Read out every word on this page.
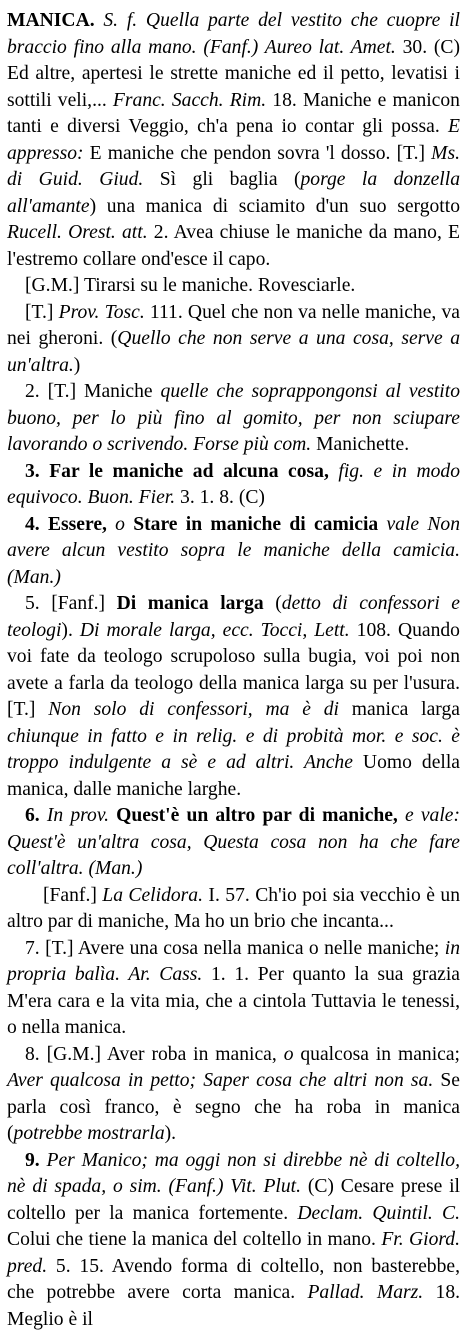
MANICA. S. f. Quella parte del vestito che cuopre il braccio fino alla mano. (Fanf.) Aureo lat. Amet. 30. (C) Ed altre, apertesi le strette maniche ed il petto, levatisi i sottili veli,... Franc. Sacch. Rim. 18. Maniche e manicon tanti e diversi Veggio, ch'a pena io contar gli possa. E appresso: E maniche che pendon sovra 'l dosso. [T.] Ms. di Guid. Giud. Sì gli baglia (porge la donzella all'amante) una manica di sciamito d'un suo sergotto Rucell. Orest. att. 2. Avea chiuse le maniche da mano, E l'estremo collare ond'esce il capo.

[G.M.] Tirarsi su le maniche. Rovesciarle.

[T.] Prov. Tosc. 111. Quel che non va nelle maniche, va nei gheroni. (Quello che non serve a una cosa, serve a un'altra.)

2. [T.] Maniche quelle che soprappongonsi al vestito buono, per lo più fino al gomito, per non sciupare lavorando o scrivendo. Forse più com. Manichette.

3. Far le maniche ad alcuna cosa, fig. e in modo equivoco. Buon. Fier. 3. 1. 8. (C)

4. Essere, o Stare in maniche di camicia vale Non avere alcun vestito sopra le maniche della camicia. (Man.)

5. [Fanf.] Di manica larga (detto di confessori e teologi). Di morale larga, ecc. Tocci, Lett. 108. Quando voi fate da teologo scrupoloso sulla bugia, voi poi non avete a farla da teologo della manica larga su per l'usura. [T.] Non solo di confessori, ma è di manica larga chiunque in fatto e in relig. e di probità mor. e soc. è troppo indulgente a sè e ad altri. Anche Uomo della manica, dalle maniche larghe.

6. In prov. Quest'è un altro par di maniche, e vale: Quest'è un'altra cosa, Questa cosa non ha che fare coll'altra. (Man.)

[Fanf.] La Celidora. I. 57. Ch'io poi sia vecchio è un altro par di maniche, Ma ho un brio che incanta...

7. [T.] Avere una cosa nella manica o nelle maniche; in propria balìa. Ar. Cass. 1. 1. Per quanto la sua grazia M'era cara e la vita mia, che a cintola Tuttavia le tenessi, o nella manica.

8. [G.M.] Aver roba in manica, o qualcosa in manica; Aver qualcosa in petto; Saper cosa che altri non sa. Se parla così franco, è segno che ha roba in manica (potrebbe mostrarla).

9. Per Manico; ma oggi non si direbbe nè di coltello, nè di spada, o sim. (Fanf.) Vit. Plut. (C) Cesare prese il coltello per la manica fortemente. Declam. Quintil. C. Colui che tiene la manica del coltello in mano. Fr. Giord. pred. 5. 15. Avendo forma di coltello, non basterebbe, che potrebbe avere corta manica. Pallad. Marz. 18. Meglio è il
